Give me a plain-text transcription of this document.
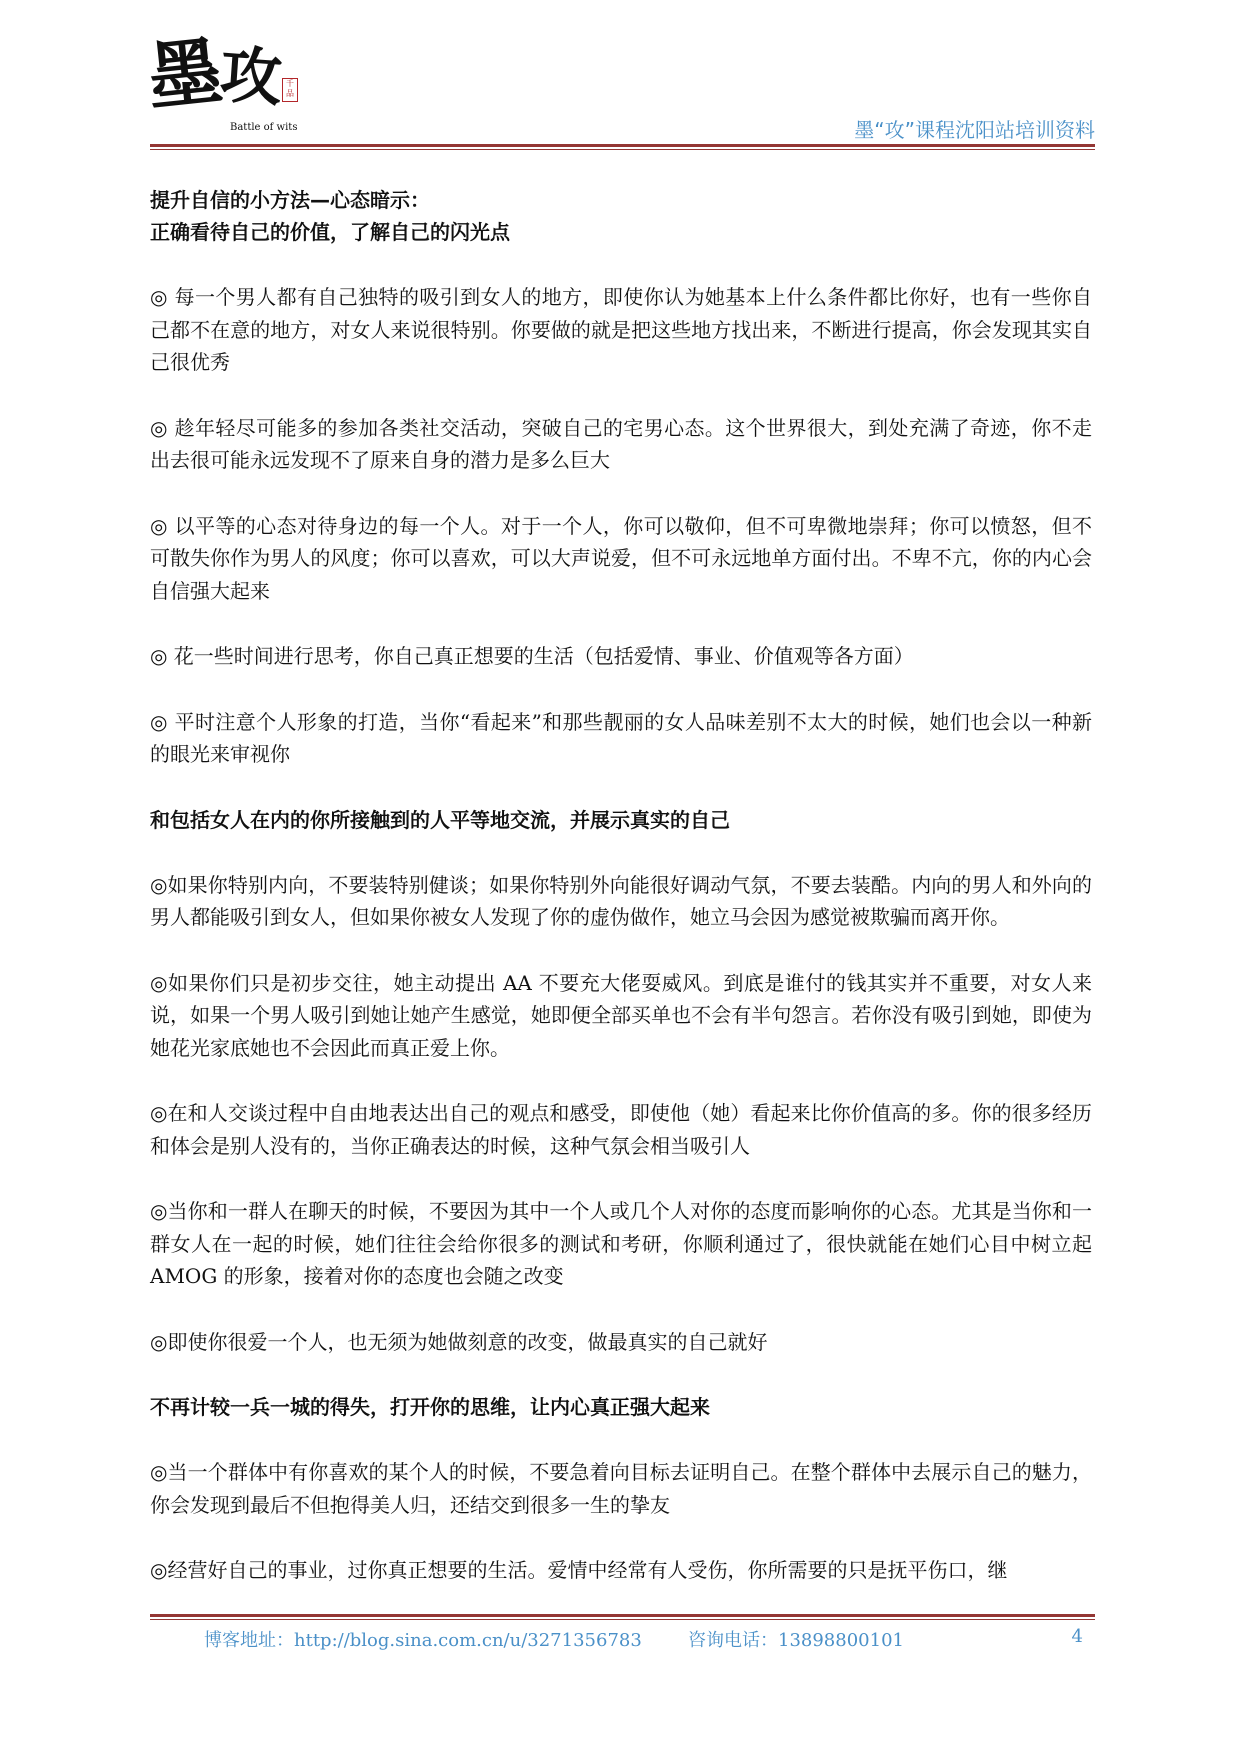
墨
攻 千品
Battle of wits	墨“攻”课程沈阳站培训资料

提升自信的小方法—心态暗示：

正确看待自己的价值，了解自己的闪光点

◎ 每一个男人都有自己独特的吸引到女人的地方，即使你认为她基本上什么条件都比你好，也有一些你自己都不在意的地方，对女人来说很特别。你要做的就是把这些地方找出来，不断进行提高，你会发现其实自己很优秀

◎ 趁年轻尽可能多的参加各类社交活动，突破自己的宅男心态。这个世界很大，到处充满了奇迹，你不走出去很可能永远发现不了原来自身的潜力是多么巨大

◎ 以平等的心态对待身边的每一个人。对于一个人，你可以敬仰，但不可卑微地崇拜；你可以愤怒，但不可散失你作为男人的风度；你可以喜欢，可以大声说爱，但不可永远地单方面付出。不卑不亢，你的内心会自信强大起来

◎ 花一些时间进行思考，你自己真正想要的生活（包括爱情、事业、价值观等各方面）

◎ 平时注意个人形象的打造，当你“看起来”和那些靓丽的女人品味差别不太大的时候，她们也会以一种新的眼光来审视你

和包括女人在内的你所接触到的人平等地交流，并展示真实的自己

◎如果你特别内向，不要装特别健谈；如果你特别外向能很好调动气氛，不要去装酷。内向的男人和外向的男人都能吸引到女人，但如果你被女人发现了你的虚伪做作，她立马会因为感觉被欺骗而离开你。

◎如果你们只是初步交往，她主动提出 AA 不要充大佬耍威风。到底是谁付的钱其实并不重要，对女人来说，如果一个男人吸引到她让她产生感觉，她即便全部买单也不会有半句怨言。若你没有吸引到她，即使为她花光家底她也不会因此而真正爱上你。

◎在和人交谈过程中自由地表达出自己的观点和感受，即使他（她）看起来比你价值高的多。你的很多经历和体会是别人没有的，当你正确表达的时候，这种气氛会相当吸引人

◎当你和一群人在聊天的时候，不要因为其中一个人或几个人对你的态度而影响你的心态。尤其是当你和一群女人在一起的时候，她们往往会给你很多的测试和考研，你顺利通过了，很快就能在她们心目中树立起 AMOG 的形象，接着对你的态度也会随之改变

◎即使你很爱一个人，也无须为她做刻意的改变，做最真实的自己就好

不再计较一兵一城的得失，打开你的思维，让内心真正强大起来

◎当一个群体中有你喜欢的某个人的时候，不要急着向目标去证明自己。在整个群体中去展示自己的魅力，你会发现到最后不但抱得美人归，还结交到很多一生的挚友

◎经营好自己的事业，过你真正想要的生活。爱情中经常有人受伤，你所需要的只是抚平伤口，继

博客地址：http://blog.sina.com.cn/u/3271356783	咨询电话：13898800101	4
